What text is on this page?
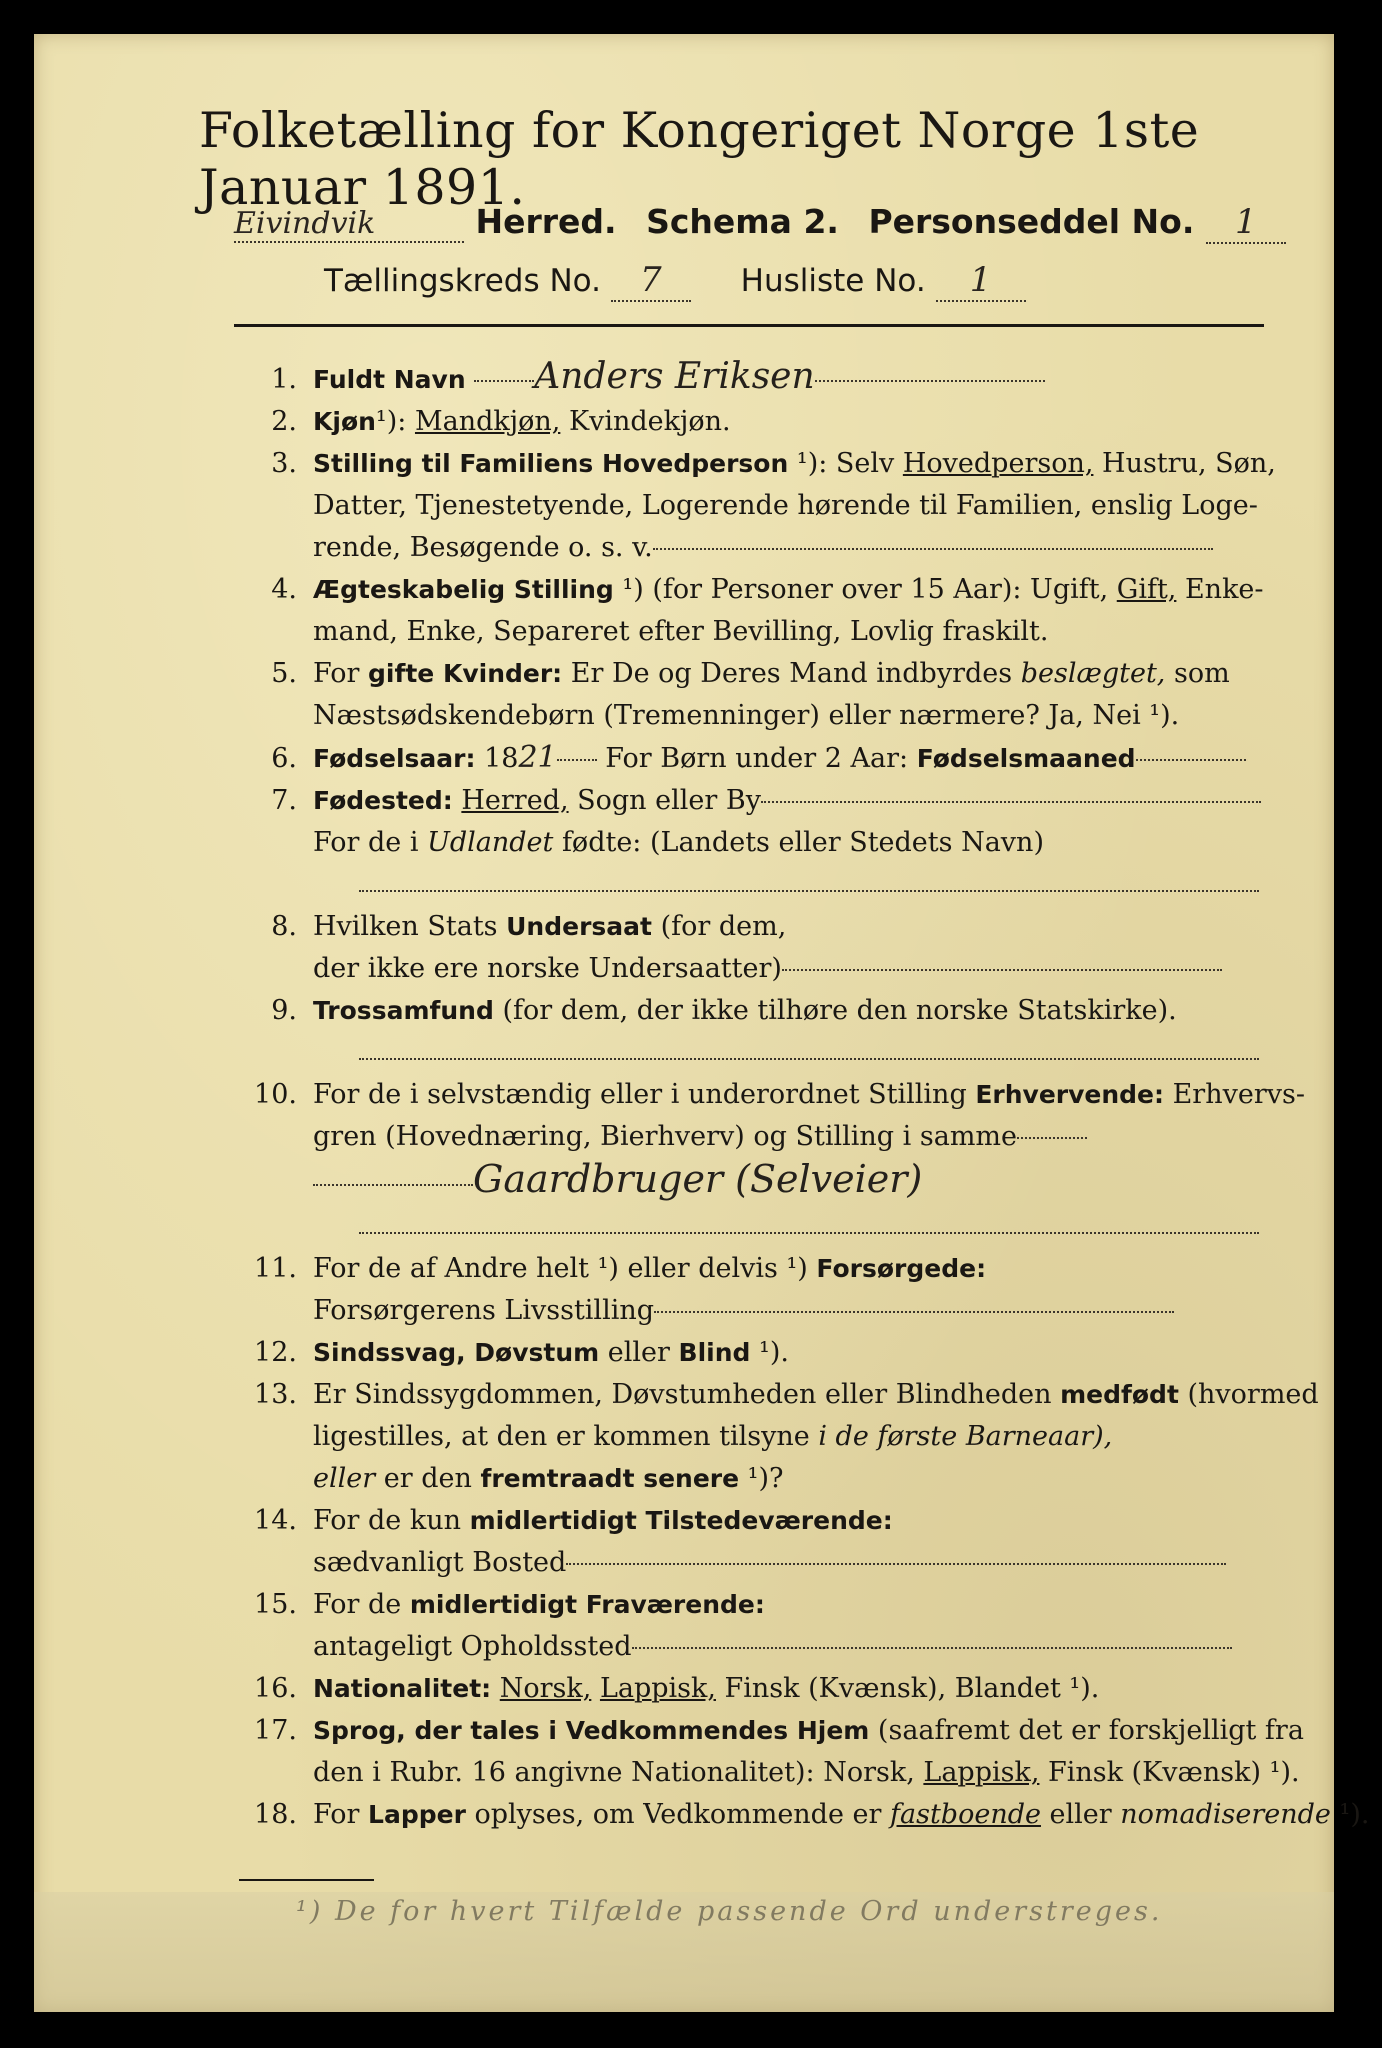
Folketælling for Kongeriget Norge 1ste Januar 1891.
Eivindvik	Herred. Schema 2. Personseddel No. 1
Tællingskreds No. 7	Husliste No. 1
1. Fuldt Navn Anders Eriksen
2. Kjøn¹): Mandkjøn, Kvindekjøn.
3. Stilling til Familiens Hovedperson ¹): Selv Hovedperson, Hustru, Søn,
Datter, Tjenestetyende, Logerende hørende til Familien, enslig Loge-
rende, Besøgende o. s. v.
4. Ægteskabelig Stilling ¹) (for Personer over 15 Aar): Ugift, Gift, Enke-
mand, Enke, Separeret efter Bevilling, Lovlig fraskilt.
5. For gifte Kvinder: Er De og Deres Mand indbyrdes beslægtet, som
Næstsødskendebørn (Tremenninger) eller nærmere? Ja, Nei ¹).
6. Fødselsaar: 1821 For Børn under 2 Aar: Fødselsmaaned
7. Fødested: Herred, Sogn eller By
For de i Udlandet fødte: (Landets eller Stedets Navn)
8. Hvilken Stats Undersaat (for dem,
der ikke ere norske Undersaatter)
9. Trossamfund (for dem, der ikke tilhøre den norske Statskirke).
10. For de i selvstændig eller i underordnet Stilling Erhvervende: Erhvervs-
gren (Hovednæring, Bierhverv) og Stilling i samme
Gaardbruger (Selveier)
11. For de af Andre helt ¹) eller delvis ¹) Forsørgede:
Forsørgerens Livsstilling
12. Sindssvag, Døvstum eller Blind ¹).
13. Er Sindssygdommen, Døvstumheden eller Blindheden medfødt (hvormed
ligestilles, at den er kommen tilsyne i de første Barneaar),
eller er den fremtraadt senere ¹)?
14. For de kun midlertidigt Tilstedeværende:
sædvanligt Bosted
15. For de midlertidigt Fraværende:
antageligt Opholdssted
16. Nationalitet: Norsk, Lappisk, Finsk (Kvænsk), Blandet ¹).
17. Sprog, der tales i Vedkommendes Hjem (saafremt det er forskjelligt fra
den i Rubr. 16 angivne Nationalitet): Norsk, Lappisk, Finsk (Kvænsk) ¹).
18. For Lapper oplyses, om Vedkommende er fastboende eller nomadiserende ¹).
